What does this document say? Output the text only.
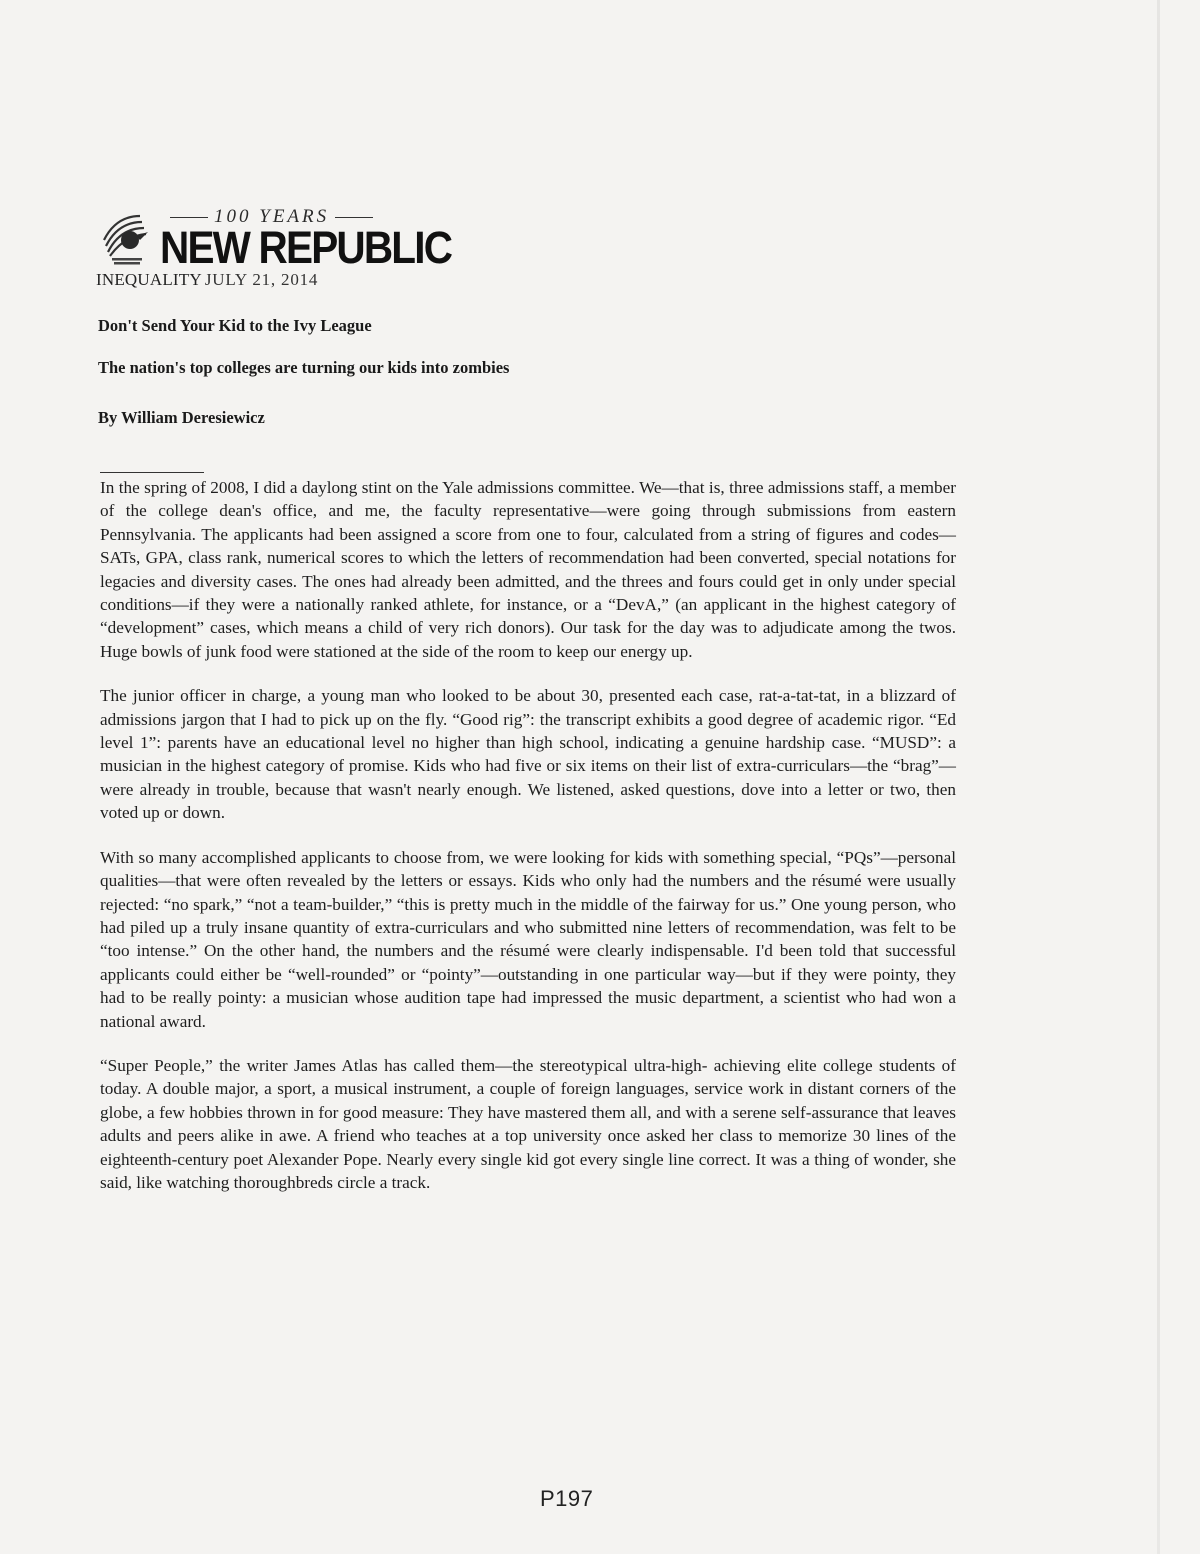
100 YEARS
NEW REPUBLIC
INEQUALITY JULY 21, 2014
Don't Send Your Kid to the Ivy League
The nation's top colleges are turning our kids into zombies
By William Deresiewicz

In the spring of 2008, I did a daylong stint on the Yale admissions committee. We—that is, three admissions staff, a member of the college dean's office, and me, the faculty representative—were going through submissions from eastern Pennsylvania. The applicants had been assigned a score from one to four, calculated from a string of figures and codes—SATs, GPA, class rank, numerical scores to which the letters of recommendation had been converted, special notations for legacies and diversity cases. The ones had already been admitted, and the threes and fours could get in only under special conditions—if they were a nationally ranked athlete, for instance, or a “DevA,” (an applicant in the highest category of “development” cases, which means a child of very rich donors). Our task for the day was to adjudicate among the twos. Huge bowls of junk food were stationed at the side of the room to keep our energy up.

The junior officer in charge, a young man who looked to be about 30, presented each case, rat-a-tat-tat, in a blizzard of admissions jargon that I had to pick up on the fly. “Good rig”: the transcript exhibits a good degree of academic rigor. “Ed level 1”: parents have an educational level no higher than high school, indicating a genuine hardship case. “MUSD”: a musician in the highest category of promise. Kids who had five or six items on their list of extra-curriculars—the “brag”—were already in trouble, because that wasn't nearly enough. We listened, asked questions, dove into a letter or two, then voted up or down.

With so many accomplished applicants to choose from, we were looking for kids with something special, “PQs”—personal qualities—that were often revealed by the letters or essays. Kids who only had the numbers and the résumé were usually rejected: “no spark,” “not a team-builder,” “this is pretty much in the middle of the fairway for us.” One young person, who had piled up a truly insane quantity of extra-curriculars and who submitted nine letters of recommendation, was felt to be “too intense.” On the other hand, the numbers and the résumé were clearly indispensable. I'd been told that successful applicants could either be “well-rounded” or “pointy”—outstanding in one particular way—but if they were pointy, they had to be really pointy: a musician whose audition tape had impressed the music department, a scientist who had won a national award.

“Super People,” the writer James Atlas has called them—the stereotypical ultra-high- achieving elite college students of today. A double major, a sport, a musical instrument, a couple of foreign languages, service work in distant corners of the globe, a few hobbies thrown in for good measure: They have mastered them all, and with a serene self-assurance that leaves adults and peers alike in awe. A friend who teaches at a top university once asked her class to memorize 30 lines of the eighteenth-century poet Alexander Pope. Nearly every single kid got every single line correct. It was a thing of wonder, she said, like watching thoroughbreds circle a track.

P197
